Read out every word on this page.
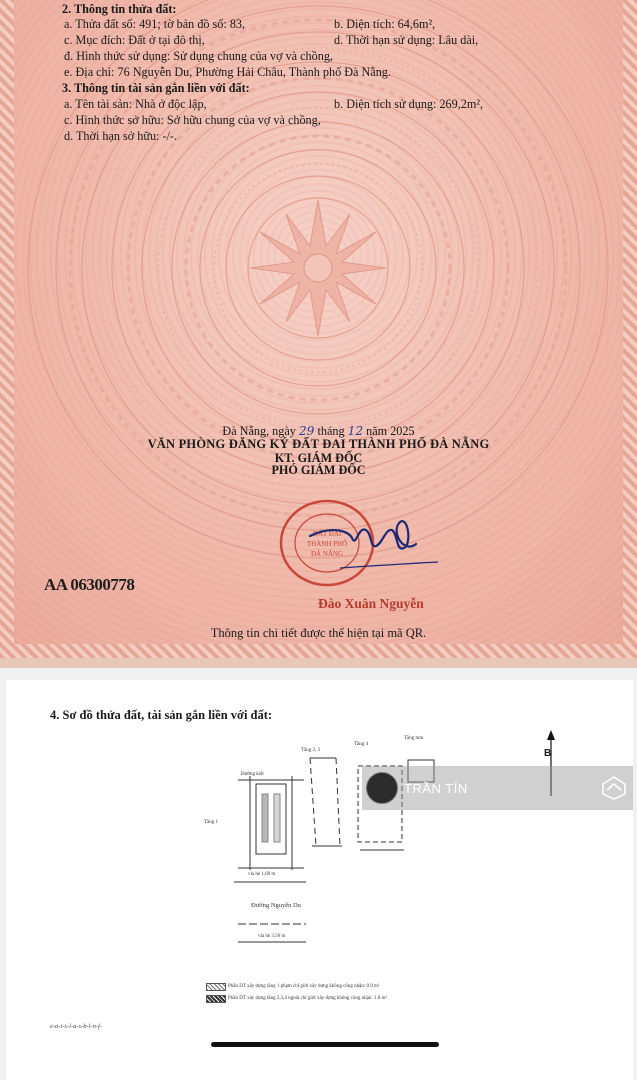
2. Thông tin thửa đất:
a. Thửa đất số: 491; tờ bản đồ số: 83,	b. Diện tích: 64,6m²,
c. Mục đích: Đất ở tại đô thị,	d. Thời hạn sử dụng: Lâu dài,
đ. Hình thức sử dụng: Sử dụng chung của vợ và chồng,
e. Địa chỉ: 76 Nguyễn Du, Phường Hải Châu, Thành phố Đà Nẵng.
3. Thông tin tài sản gắn liền với đất:
a. Tên tài sản: Nhà ở độc lập,	b. Diện tích sử dụng: 269,2m²,
c. Hình thức sở hữu: Sở hữu chung của vợ và chồng,
d. Thời hạn sở hữu: -/-.
Đà Nẵng, ngày 29 tháng 12 năm 2025
VĂN PHÒNG ĐĂNG KÝ ĐẤT ĐAI THÀNH PHỐ ĐÀ NẴNG
KT. GIÁM ĐỐC
PHÓ GIÁM ĐỐC
ĐẤT ĐAI
THÀNH PHỐ
ĐÀ NẴNG
AA 06300778
Đào Xuân Nguyễn
Thông tin chi tiết được thể hiện tại mã QR.
4. Sơ đồ thửa đất, tài sản gắn liền với đất:
Tầng 2, 3
Tầng 4
Tầng tum
Tầng 1
Đường kiệt
vỉa hè 1,60 m
Đường Nguyễn Du
vỉa hè 3,50 m
B
Phần DT xây dựng tầng 1 phạm chỉ giới xây dựng không công nhận: 0.9 m²
Phần DT xây dựng tầng 2,3,4 ngoài chỉ giới xây dựng không công nhận: 1.8 m²
e-a-i-s-l-a-s-b-l-n-f-
TRẦN TÍN
